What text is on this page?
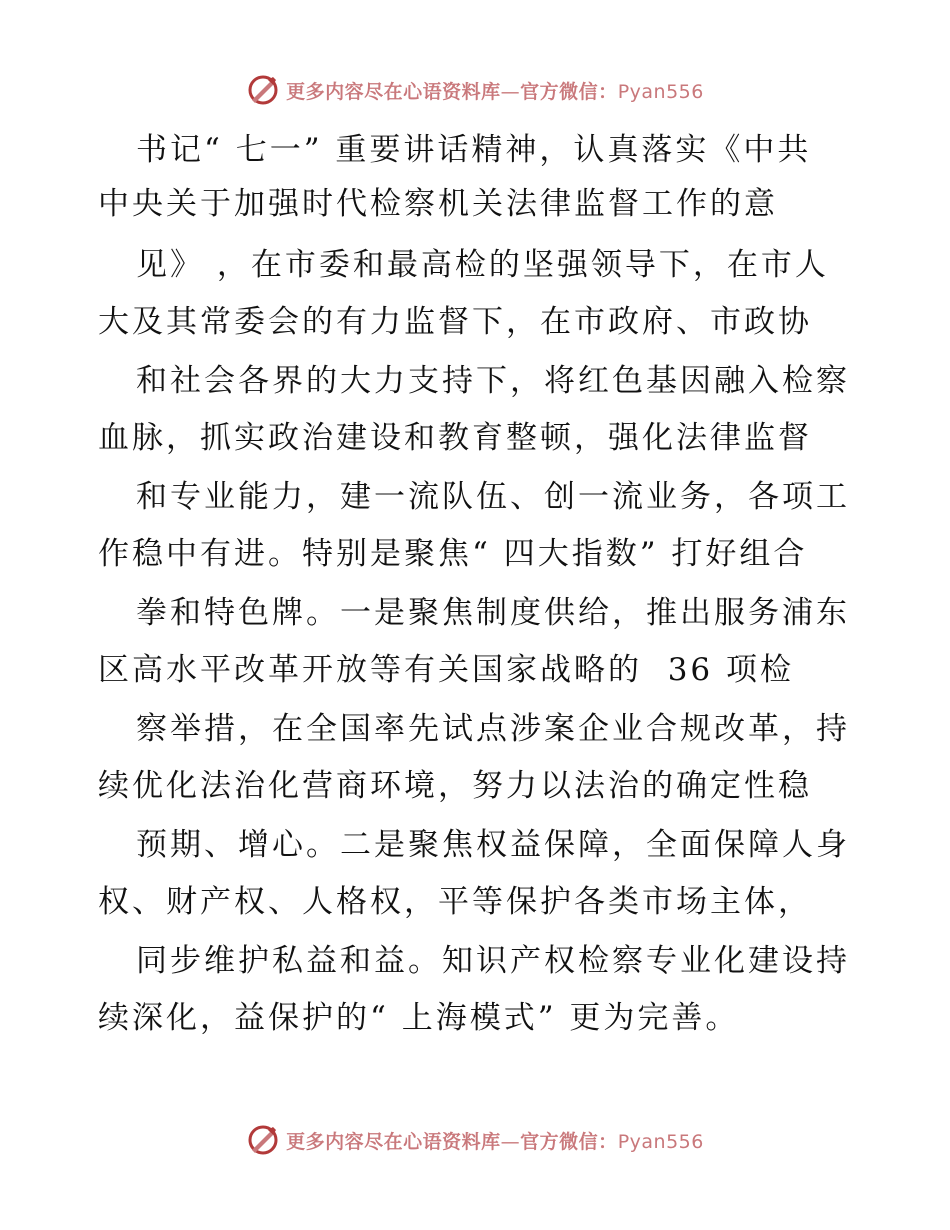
更多内容尽在心语资料库—官方微信：Pyan556
书记“ 七一” 重要讲话精神，认真落实《中共
中央关于加强时代检察机关法律监督工作的意
见》 ，在市委和最高检的坚强领导下，在市人
大及其常委会的有力监督下，在市政府、市政协
和社会各界的大力支持下，将红色基因融入检察
血脉，抓实政治建设和教育整顿，强化法律监督
和专业能力，建一流队伍、创一流业务，各项工
作稳中有进。特别是聚焦“ 四大指数” 打好组合
拳和特色牌。一是聚焦制度供给，推出服务浦东
区高水平改革开放等有关国家战略的  36 项检
察举措，在全国率先试点涉案企业合规改革，持
续优化法治化营商环境，努力以法治的确定性稳
预期、增心。二是聚焦权益保障，全面保障人身
权、财产权、人格权，平等保护各类市场主体，
同步维护私益和益。知识产权检察专业化建设持
续深化，益保护的“ 上海模式” 更为完善。
更多内容尽在心语资料库—官方微信：Pyan556
